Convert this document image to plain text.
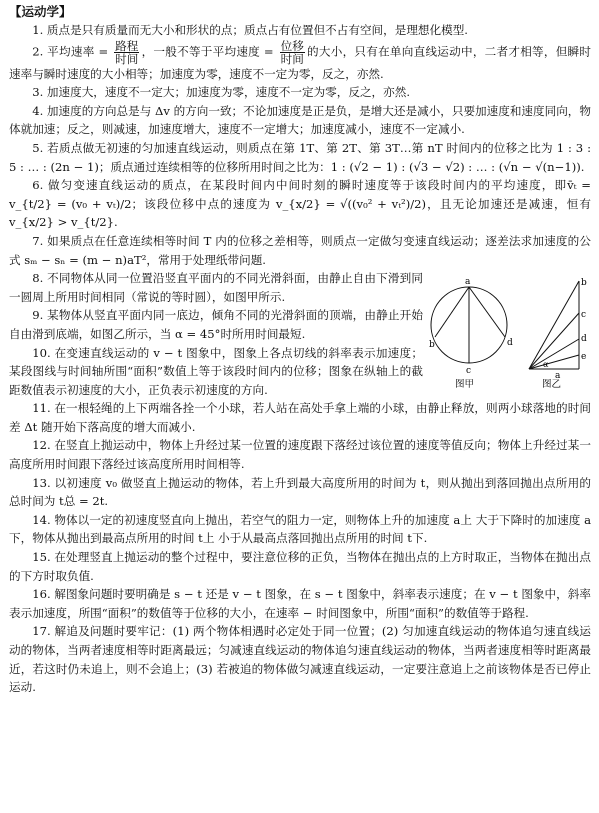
【运动学】

1. 质点是只有质量而无大小和形状的点；质点占有位置但不占有空间，是理想化模型.

2. 平均速率 = $\frac{\text{路程}}{\text{时间}}$ ，一般不等于平均速度 = $\frac{\text{位移}}{\text{时间}}$ 的大小，只有在单向直线运动中，二者才相等，但瞬时速率与瞬时速度的大小相等；加速度为零，速度不一定为零，反之，亦然.

3. 加速度大，速度不一定大；加速度为零，速度不一定为零，反之，亦然.

4. 加速度的方向总是与 Δv 的方向一致；不论加速度是正是负，是增大还是减小，只要加速度和速度同向，物体就加速；反之，则减速，加速度增大，速度不一定增大；加速度减小，速度不一定减小.

5. 若质点做无初速的匀加速直线运动，则质点在第 1T、第 2T、第 3T…第 nT 时间内的位移之比为 1 : 3 : 5 : … : (2n − 1)；质点通过连续相等的位移所用时间之比为：1 : (√2 − 1) : (√3 − √2) : … : (√n − √(n−1)).

6. 做匀变速直线运动的质点，在某段时间内中间时刻的瞬时速度等于该段时间内的平均速度，即v̄ₜ = v_{t/2} = (v₀ + vₜ)/2；该段位移中点的速度为 v_{x/2} = √((v₀² + vₜ²)/2)，且无论加速还是减速，恒有 v_{x/2} > v_{t/2}.

7. 如果质点在任意连续相等时间 T 内的位移之差相等，则质点一定做匀变速直线运动；逐差法求加速度的公式 sₘ − sₙ = (m − n)aT²，常用于处理纸带问题.

a
b
c
d
b
c
d
e
α
a
图甲	图乙

8. 不同物体从同一位置沿竖直平面内的不同光滑斜面，由静止自由下滑到同一圆周上所用时间相同（常说的等时圆），如图甲所示.

9. 某物体从竖直平面内同一底边，倾角不同的光滑斜面的顶端，由静止开始自由滑到底端，如图乙所示，当 α = 45°时所用时间最短.

10. 在变速直线运动的 v − t 图象中，图象上各点切线的斜率表示加速度；某段图线与时间轴所围“面积”数值上等于该段时间内的位移；图象在纵轴上的截距数值表示初速度的大小，正负表示初速度的方向.

11. 在一根轻绳的上下两端各拴一个小球，若人站在高处手拿上端的小球，由静止释放，则两小球落地的时间差 Δt 随开始下落高度的增大而减小.

12. 在竖直上抛运动中，物体上升经过某一位置的速度跟下落经过该位置的速度等值反向；物体上升经过某一高度所用时间跟下落经过该高度所用时间相等.

13. 以初速度 v₀ 做竖直上抛运动的物体，若上升到最大高度所用的时间为 t，则从抛出到落回抛出点所用的总时间为 t总 = 2t.

14. 物体以一定的初速度竖直向上抛出，若空气的阻力一定，则物体上升的加速度 a上 大于下降时的加速度 a下，物体从抛出到最高点所用的时间 t上 小于从最高点落回抛出点所用的时间 t下.

15. 在处理竖直上抛运动的整个过程中，要注意位移的正负，当物体在抛出点的上方时取正，当物体在抛出点的下方时取负值.

16. 解图象问题时要明确是 s − t 还是 v − t 图象，在 s − t 图象中，斜率表示速度；在 v − t 图象中，斜率表示加速度，所围“面积”的数值等于位移的大小，在速率 − 时间图象中，所围“面积”的数值等于路程.

17. 解追及问题时要牢记：(1) 两个物体相遇时必定处于同一位置；(2) 匀加速直线运动的物体追匀速直线运动的物体，当两者速度相等时距离最远；匀减速直线运动的物体追匀速直线运动的物体，当两者速度相等时距离最近，若这时仍未追上，则不会追上；(3) 若被追的物体做匀减速直线运动，一定要注意追上之前该物体是否已停止运动.
